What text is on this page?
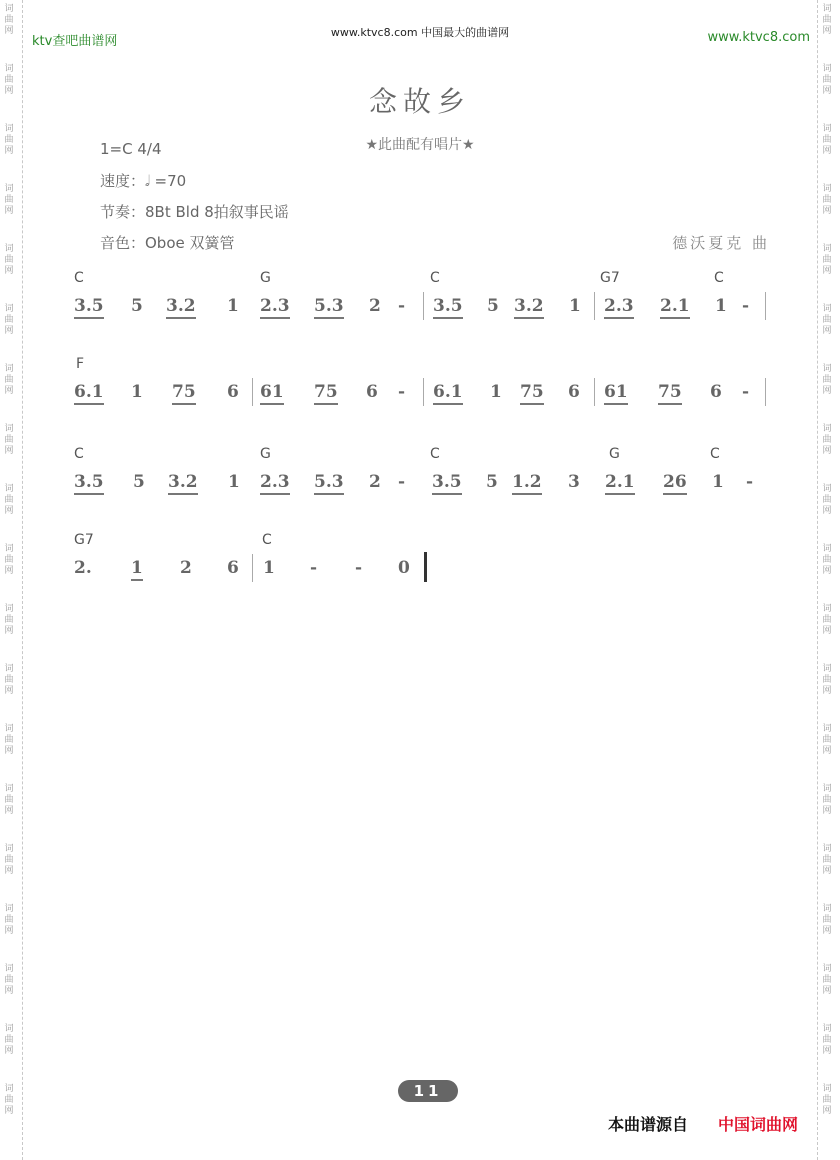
词曲网
词曲网
词曲网
词曲网
词曲网
词曲网
词曲网
词曲网
词曲网
词曲网
词曲网
词曲网
词曲网
词曲网
词曲网
词曲网
词曲网
词曲网
词曲网
词曲网
词曲网
词曲网
词曲网
词曲网
词曲网
词曲网
词曲网
词曲网
词曲网
词曲网
词曲网
词曲网
词曲网
词曲网
词曲网
词曲网
词曲网
词曲网
ktv查吧曲谱网
www.ktvc8.com 中国最大的曲谱网	www.ktvc8.com
念故乡
★此曲配有唱片★
1=C 4/4
速度：𝅗𝅥 =70
节奏：8Bt Bld 8拍叙事民谣
音色：Oboe 双簧管	德沃夏克 曲
C	G	C	G7	C
3.5 5 3.2 1 2.3 5.3 2 - 3.5 5 3.2 1 2.3 2.1 1 -
F
6.1 1 75 6 61 75 6 - 6.1 1 75 6 61 75 6 -
C	G	C	G	C
3.5 5 3.2 1 2.3 5.3 2 - 3.5 5 1.2 3 2.1 26 1 -
G7	C
2. 1 2 6 1 - - 0
11
本曲谱源自 中国词曲网
